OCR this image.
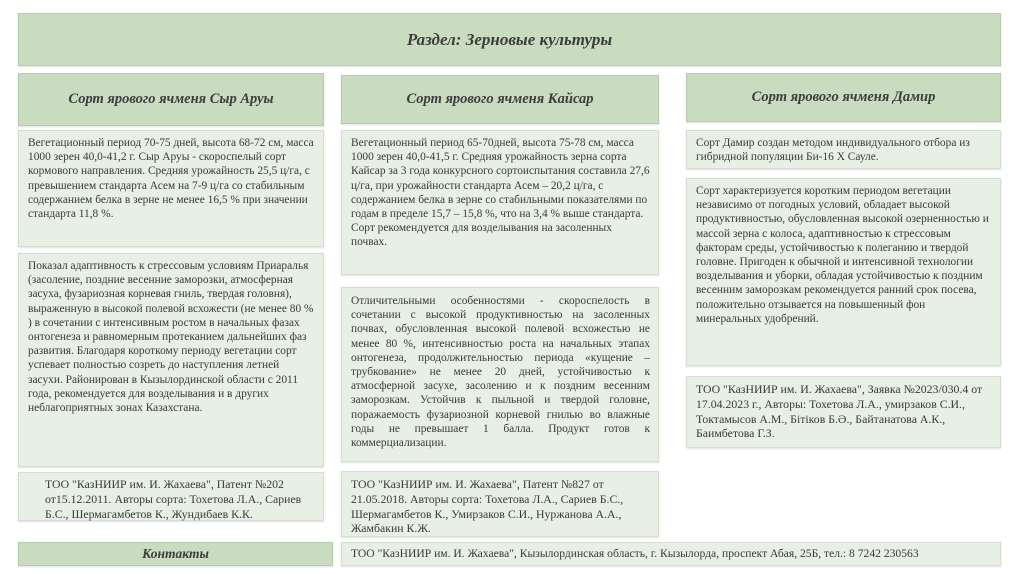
Раздел: Зерновые культуры
Сорт ярового ячменя Сыр Аруы

Вегетационный период 70-75 дней, высота 68-72 см, масса 1000 зерен 40,0-41,2 г. Сыр Аруы - скороспелый сорт кормового направления. Средняя урожайность 25,5 ц/га, с превышением стандарта Асем на 7-9 ц/га со стабильным содержанием белка в зерне не менее 16,5 % при значении стандарта 11,8 %.

Показал адаптивность к стрессовым условиям Приаралья (засоление, поздние весенние заморозки, атмосферная засуха, фузариозная корневая гниль, твердая головня), выраженную в высокой полевой всхожести (не менее 80 % ) в сочетании с интенсивным ростом в начальных фазах онтогенеза и равномерным протеканием дальнейших фаз развития. Благодаря короткому периоду вегетации сорт успевает полностью созреть до наступления летней засухи. Районирован в Кызылординской области с 2011 года, рекомендуется для возделывания и в других неблагоприятных зонах Казахстана.

ТОО "КазНИИР им. И. Жахаева", Патент №202 от15.12.2011. Авторы сорта: Тохетова Л.А., Сариев Б.С., Шермагамбетов К., Жундибаев К.К.

Сорт ярового ячменя Кайсар

Вегетационный период 65-70дней, высота 75-78 см, масса 1000 зерен 40,0-41,5 г. Средняя урожайность зерна сорта Кайсар за 3 года конкурсного сортоиспытания составила 27,6 ц/га, при урожайности стандарта Асем – 20,2 ц/га, с содержанием белка в зерне со стабильными показателями по годам в пределе 15,7 – 15,8 %, что на 3,4 % выше стандарта. Сорт рекомендуется для возделывания на засоленных почвах.

Отличительными особенностями - скороспелость в сочетании с высокой продуктивностью на засоленных почвах, обусловленная высокой полевой всхожестью не менее 80 %, интенсивностью роста на начальных этапах онтогенеза, продолжительностью периода «кущение – трубкование» не менее 20 дней, устойчивостью к атмосферной засухе, засолению и к поздним весенним заморозкам. Устойчив к пыльной и твердой головне, поражаемость фузариозной корневой гнилью во влажные годы не превышает 1 балла. Продукт готов к коммерциализации.

ТОО "КазНИИР им. И. Жахаева", Патент №827 от 21.05.2018. Авторы сорта: Тохетова Л.А., Сариев Б.С., Шермагамбетов К., Умирзаков С.И., Нуржанова А.А., Жамбакин К.Ж.

Сорт ярового ячменя Дамир

Сорт Дамир создан методом индивидуального отбора из гибридной популяции Би-16 Х Сауле.

Сорт характеризуется коротким периодом вегетации независимо от погодных условий, обладает высокой продуктивностью, обусловленная высокой озерненностью и массой зерна с колоса, адаптивностью к стрессовым факторам среды, устойчивостью к полеганию и твердой головне. Пригоден к обычной и интенсивной технологии возделывания и уборки, обладая устойчивостью к поздним весенним заморозкам рекомендуется ранний срок посева, положительно отзывается на повышенный фон минеральных удобрений.

ТОО "КазНИИР им. И. Жахаева", Заявка №2023/030.4 от 17.04.2023 г., Авторы: Тохетова Л.А., умирзаков С.И., Токтамысов А.М., Бітіков Б.Ә., Байтанатова А.К., Баимбетова Г.З.

Контакты	ТОО "КазНИИР им. И. Жахаева", Кызылординская область, г. Кызылорда, проспект Абая, 25Б, тел.: 8 7242 230563
